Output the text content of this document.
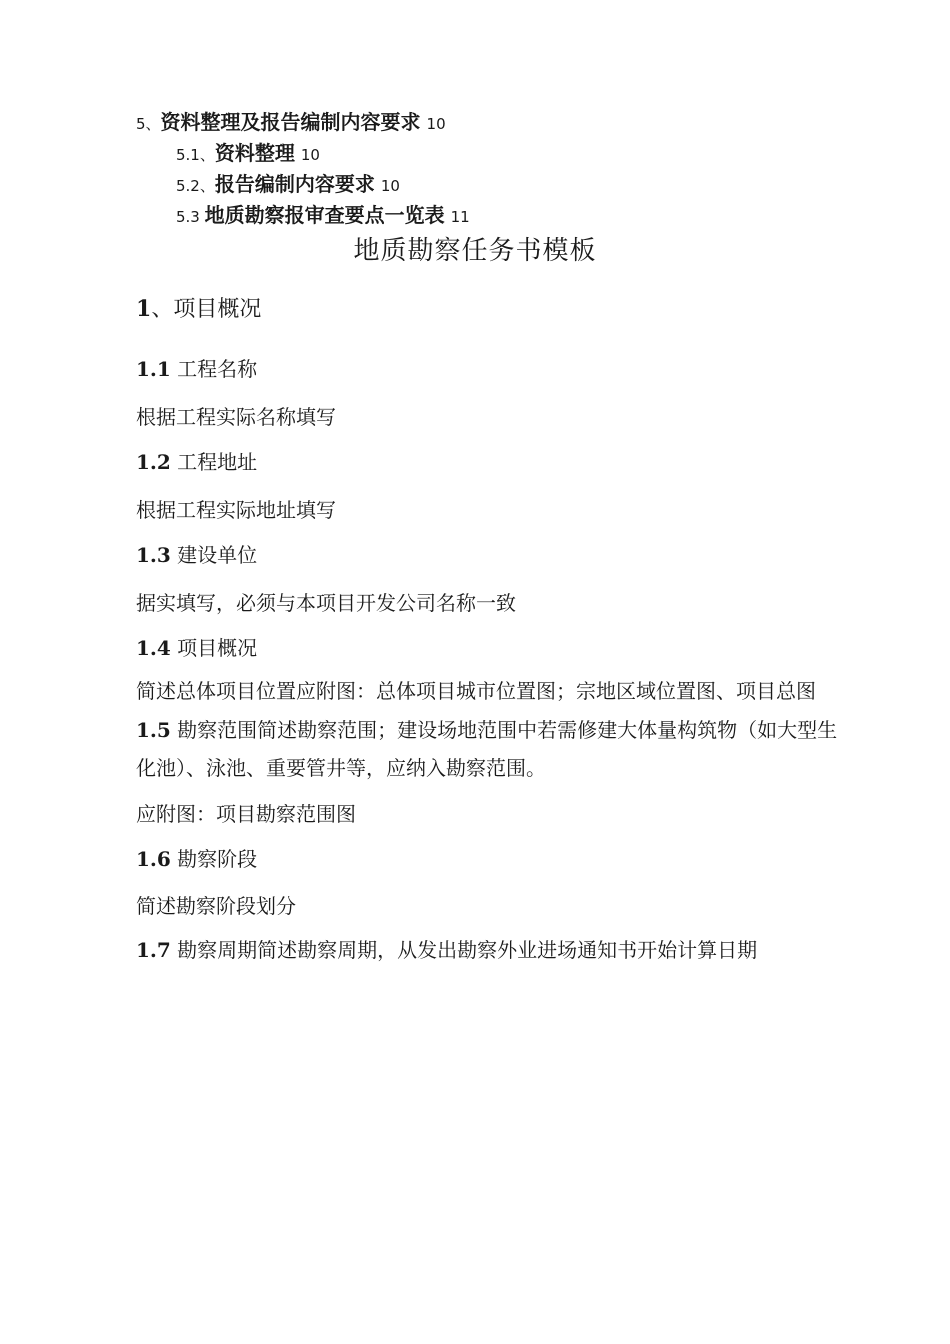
5、资料整理及报告编制内容要求 10
5.1、资料整理 10
5.2、报告编制内容要求 10
5.3 地质勘察报审查要点一览表 11
地质勘察任务书模板
1、项目概况
1.1 工程名称
根据工程实际名称填写
1.2 工程地址
根据工程实际地址填写
1.3 建设单位
据实填写，必须与本项目开发公司名称一致
1.4 项目概况
简述总体项目位置应附图：总体项目城市位置图；宗地区域位置图、项目总图 1.5 勘察范围简述勘察范围；建设场地范围中若需修建大体量构筑物（如大型生化池）、泳池、重要管井等，应纳入勘察范围。
应附图：项目勘察范围图
1.6 勘察阶段
简述勘察阶段划分
1.7 勘察周期简述勘察周期，从发出勘察外业进场通知书开始计算日期
